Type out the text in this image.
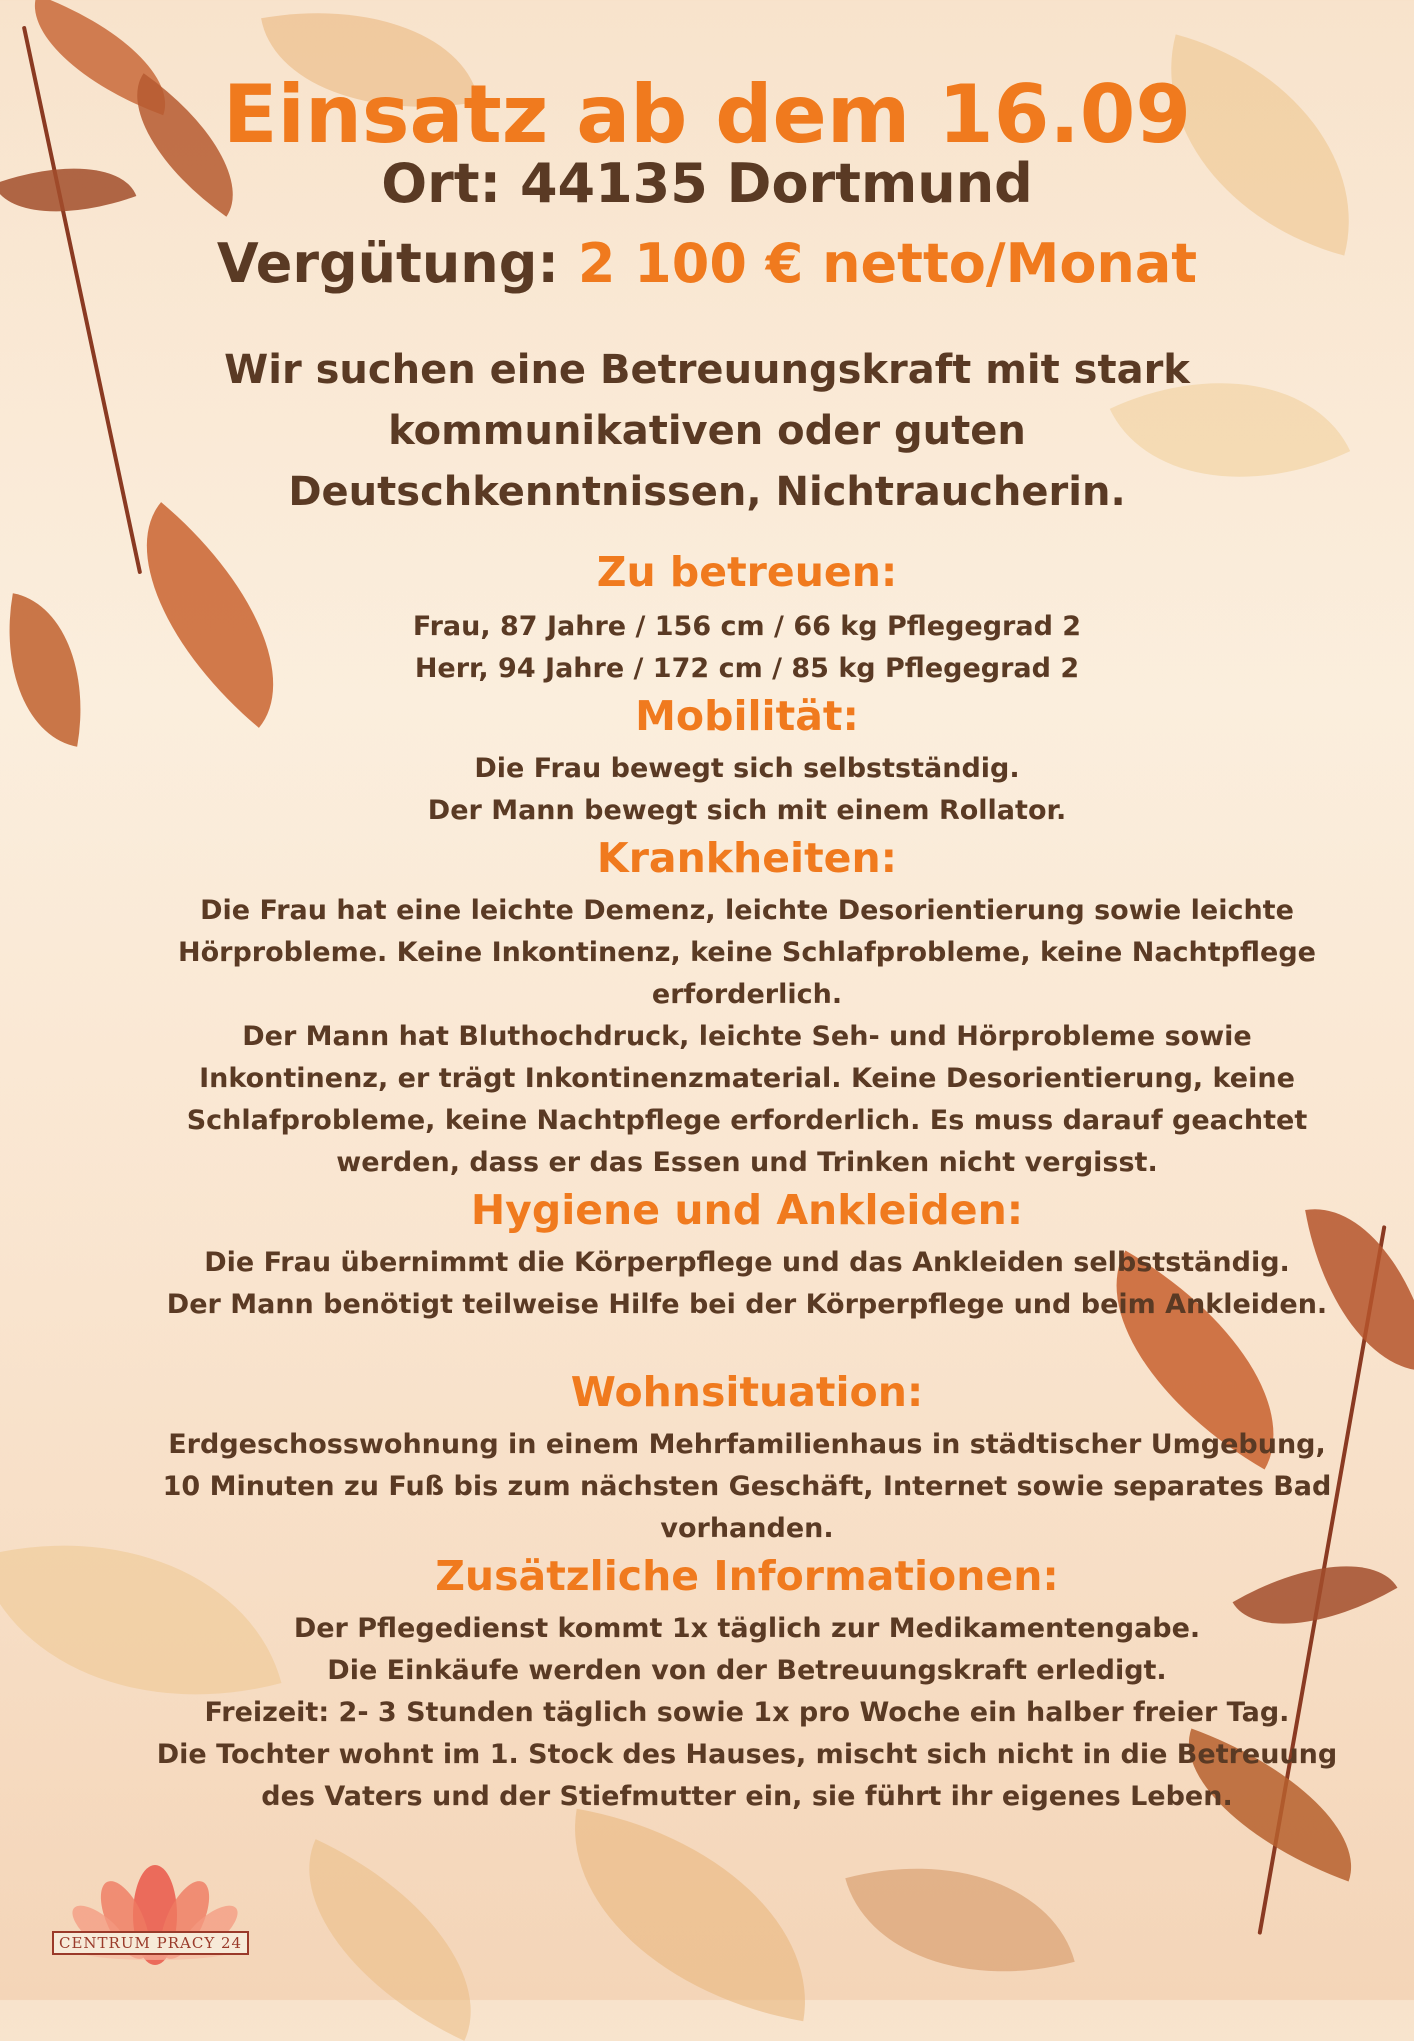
Einsatz ab dem 16.09
Ort: 44135 Dortmund
Vergütung: 2 100 € netto/Monat
Wir suchen eine Betreuungskraft mit stark kommunikativen oder guten Deutschkenntnissen, Nichtraucherin.
Zu betreuen:
Frau, 87 Jahre / 156 cm / 66 kg Pflegegrad 2
Herr, 94 Jahre / 172 cm / 85 kg Pflegegrad 2
Mobilität:
Die Frau bewegt sich selbstständig.
Der Mann bewegt sich mit einem Rollator.
Krankheiten:
Die Frau hat eine leichte Demenz, leichte Desorientierung sowie leichte
Hörprobleme. Keine Inkontinenz, keine Schlafprobleme, keine Nachtpflege
erforderlich.
Der Mann hat Bluthochdruck, leichte Seh- und Hörprobleme sowie
Inkontinenz, er trägt Inkontinenzmaterial. Keine Desorientierung, keine
Schlafprobleme, keine Nachtpflege erforderlich. Es muss darauf geachtet
werden, dass er das Essen und Trinken nicht vergisst.
Hygiene und Ankleiden:
Die Frau übernimmt die Körperpflege und das Ankleiden selbstständig.
Der Mann benötigt teilweise Hilfe bei der Körperpflege und beim Ankleiden.
Wohnsituation:
Erdgeschosswohnung in einem Mehrfamilienhaus in städtischer Umgebung,
10 Minuten zu Fuß bis zum nächsten Geschäft, Internet sowie separates Bad
vorhanden.
Zusätzliche Informationen:
Der Pflegedienst kommt 1x täglich zur Medikamentengabe.
Die Einkäufe werden von der Betreuungskraft erledigt.
Freizeit: 2- 3 Stunden täglich sowie 1x pro Woche ein halber freier Tag.
Die Tochter wohnt im 1. Stock des Hauses, mischt sich nicht in die Betreuung
des Vaters und der Stiefmutter ein, sie führt ihr eigenes Leben.
CENTRUM PRACY 24
